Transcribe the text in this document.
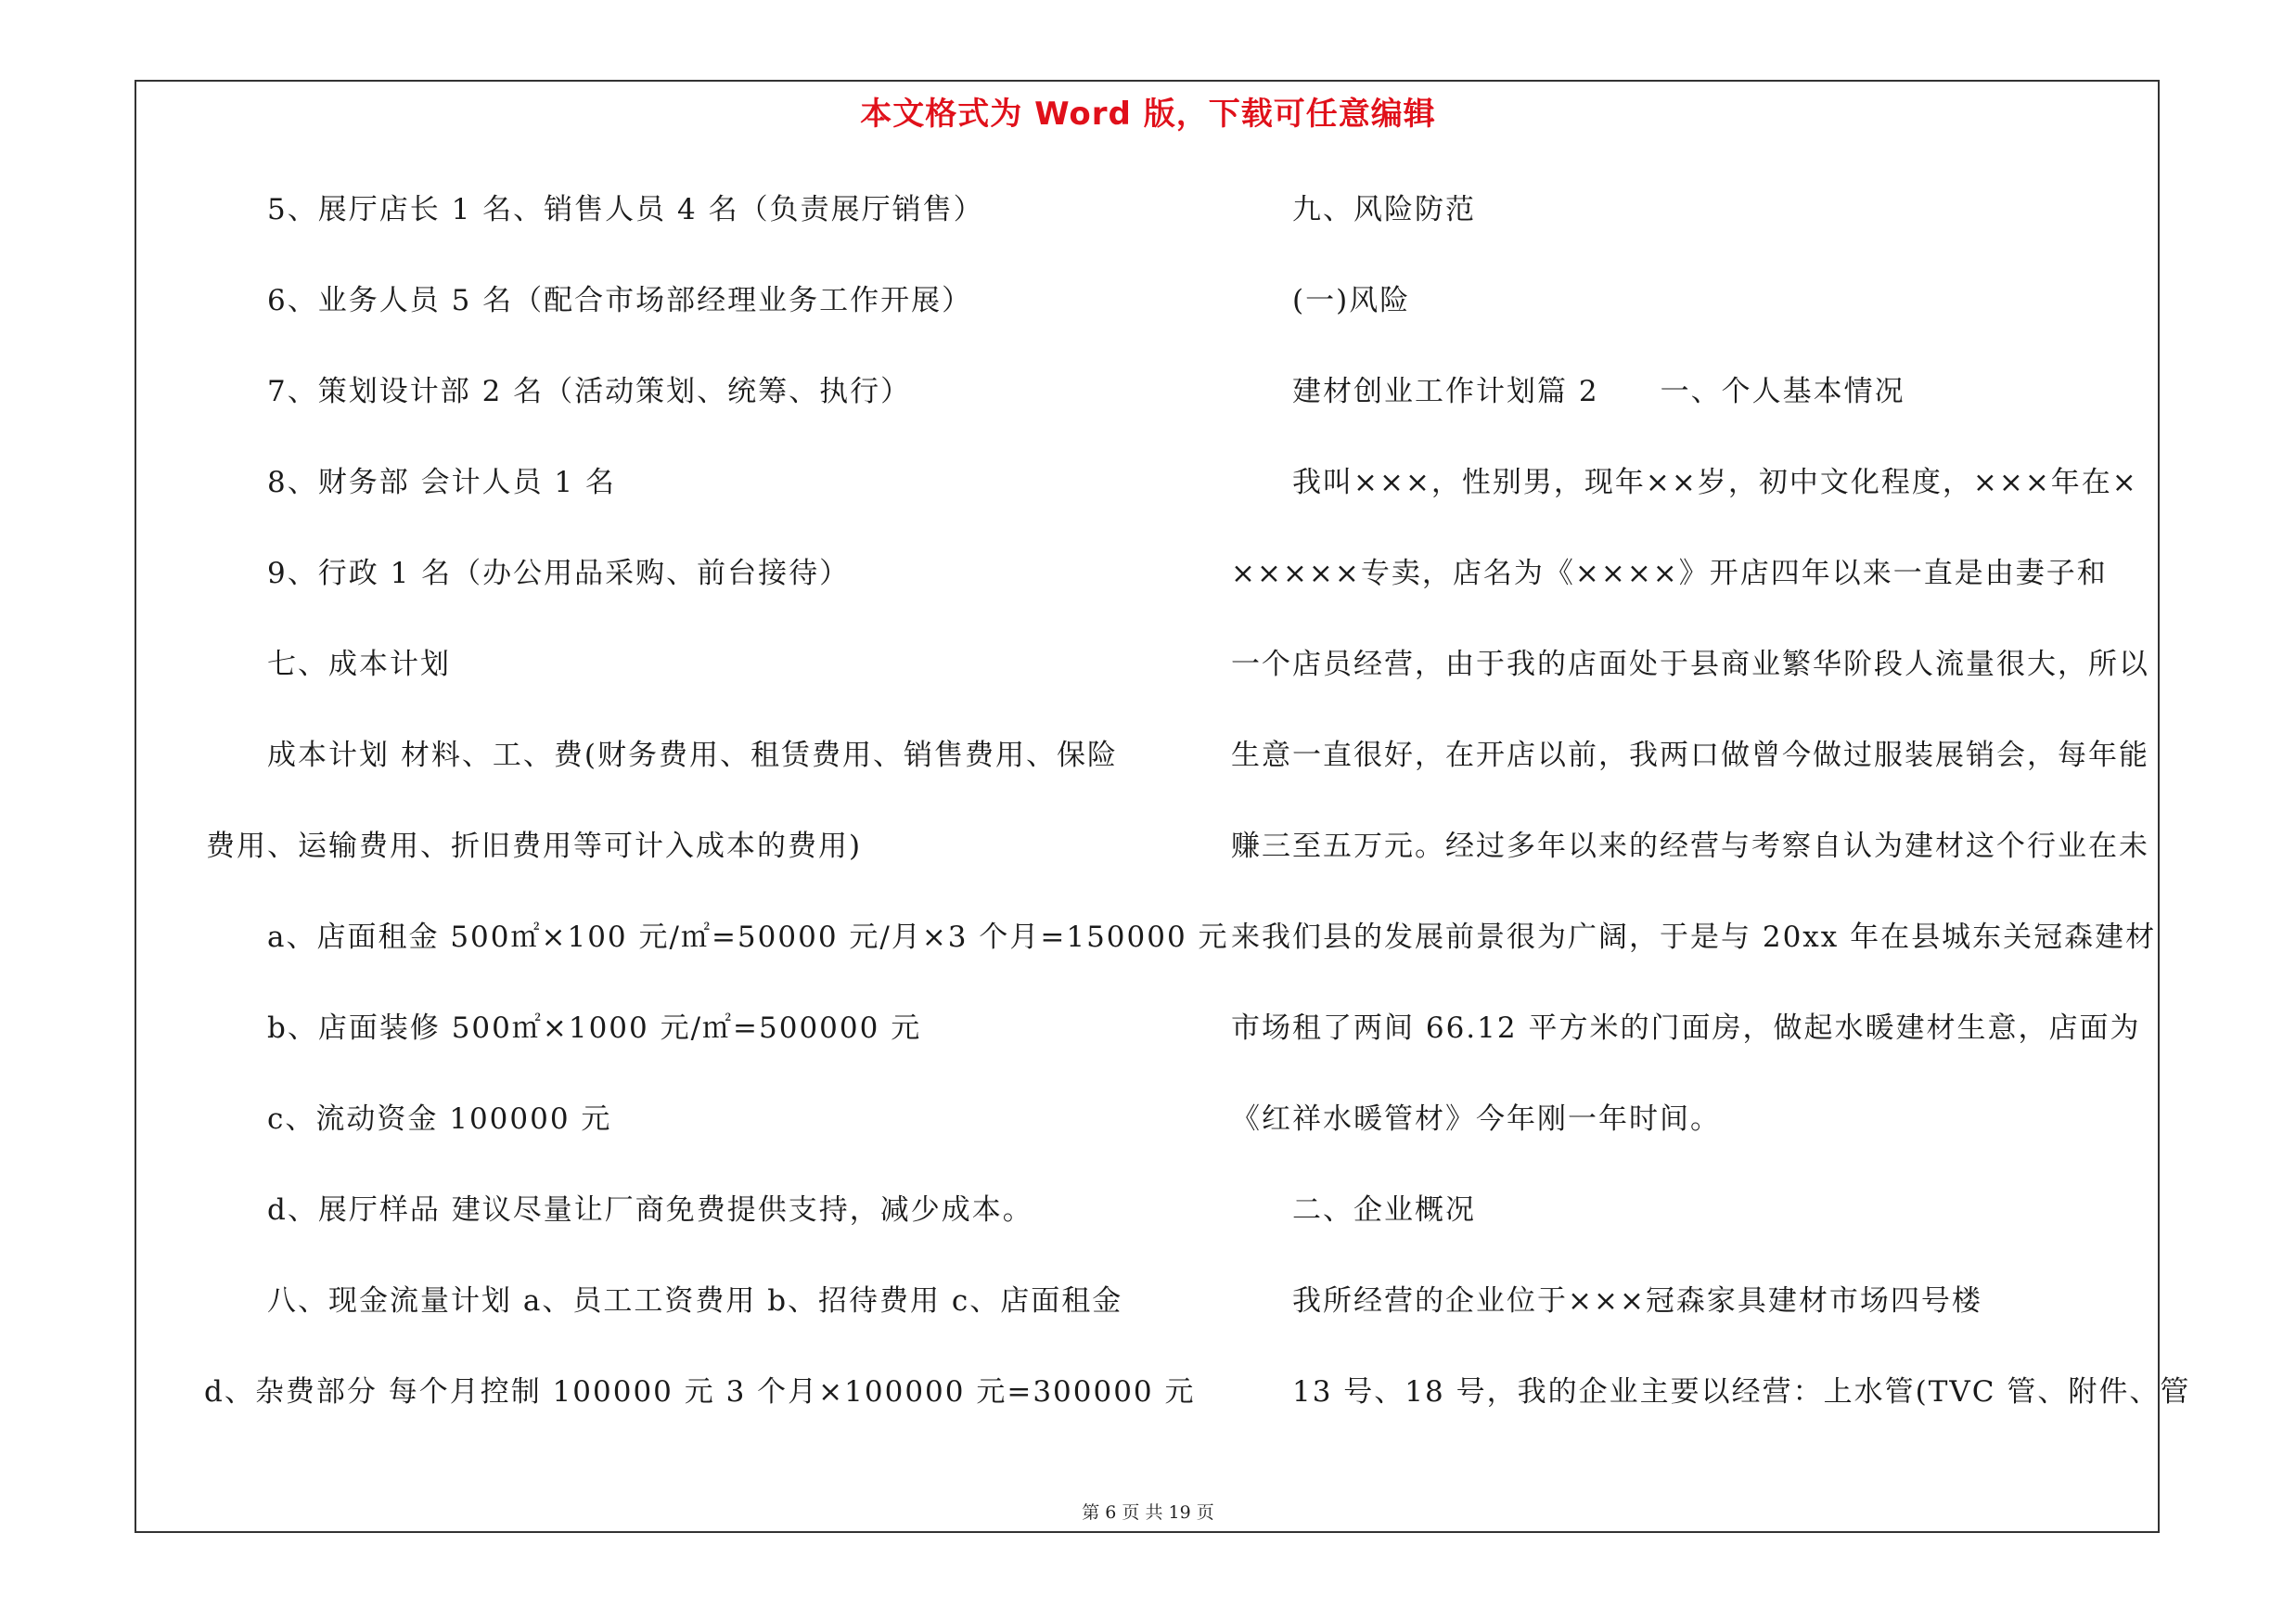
本文格式为 Word 版，下载可任意编辑
5、展厅店长 1 名、销售人员 4 名（负责展厅销售）
6、业务人员 5 名（配合市场部经理业务工作开展）
7、策划设计部 2 名（活动策划、统筹、执行）
8、财务部 会计人员 1 名
9、行政 1 名（办公用品采购、前台接待）
七、成本计划
成本计划 材料、工、费(财务费用、租赁费用、销售费用、保险
费用、运输费用、折旧费用等可计入成本的费用)
a、店面租金 500㎡×100 元/㎡=50000 元/月×3 个月=150000 元
b、店面装修 500㎡×1000 元/㎡=500000 元
c、流动资金 100000 元
d、展厅样品 建议尽量让厂商免费提供支持，减少成本。
八、现金流量计划 a、员工工资费用 b、招待费用 c、店面租金
d、杂费部分 每个月控制 100000 元 3 个月×100000 元=300000 元
九、风险防范
(一)风险
建材创业工作计划篇 2　　一、个人基本情况
我叫×××，性别男，现年××岁，初中文化程度，×××年在×
×××××专卖，店名为《××××》开店四年以来一直是由妻子和
一个店员经营，由于我的店面处于县商业繁华阶段人流量很大，所以
生意一直很好，在开店以前，我两口做曾今做过服装展销会，每年能
赚三至五万元。经过多年以来的经营与考察自认为建材这个行业在未
来我们县的发展前景很为广阔，于是与 20xx 年在县城东关冠森建材
市场租了两间 66.12 平方米的门面房，做起水暖建材生意，店面为
《红祥水暖管材》今年刚一年时间。
二、企业概况
我所经营的企业位于×××冠森家具建材市场四号楼
13 号、18 号，我的企业主要以经营：上水管(TVC 管、附件、管
第 6 页 共 19 页
